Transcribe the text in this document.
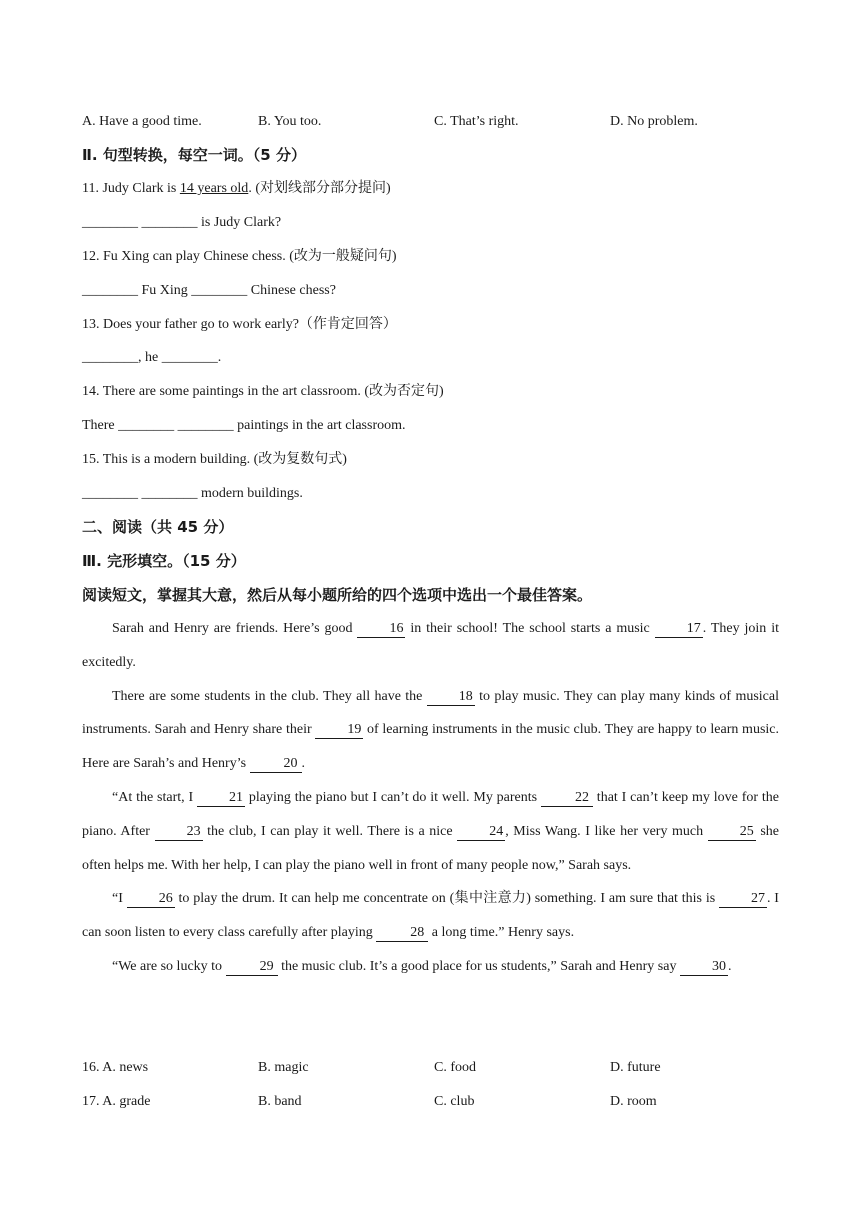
A. Have a good time.	B. You too.	C. That’s right.	D. No problem.
Ⅱ. 句型转换，每空一词。（5 分）
11. Judy Clark is 14 years old. (对划线部分部分提问)
________ ________ is Judy Clark?
12. Fu Xing can play Chinese chess. (改为一般疑问句)
________ Fu Xing ________ Chinese chess?
13. Does your father go to work early?（作肯定回答）
________, he ________.
14. There are some paintings in the art classroom. (改为否定句)
There ________ ________ paintings in the art classroom.
15. This is a modern building. (改为复数句式)
________ ________ modern buildings.
二、阅读（共 45 分）
Ⅲ. 完形填空。（15 分）
阅读短文，掌握其大意，然后从每小题所给的四个选项中选出一个最佳答案。

Sarah and Henry are friends. Here’s good 16 in their school! The school starts a music 17 . They join it excitedly.

There are some students in the club. They all have the 18 to play music. They can play many kinds of musical instruments. Sarah and Henry share their 19 of learning instruments in the music club. They are happy to learn music. Here are Sarah’s and Henry’s 20 .

“At the start, I 21 playing the piano but I can’t do it well. My parents 22 that I can’t keep my love for the piano. After 23 the club, I can play it well. There is a nice 24 , Miss Wang. I like her very much 25 she often helps me. With her help, I can play the piano well in front of many people now,” Sarah says.

“I 26 to play the drum. It can help me concentrate on (集中注意力) something. I am sure that this is 27 . I can soon listen to every class carefully after playing 28 a long time.” Henry says.

“We are so lucky to 29 the music club. It’s a good place for us students,” Sarah and Henry say 30 .

16. A. news	B. magic	C. food	D. future
17. A. grade	B. band	C. club	D. room
